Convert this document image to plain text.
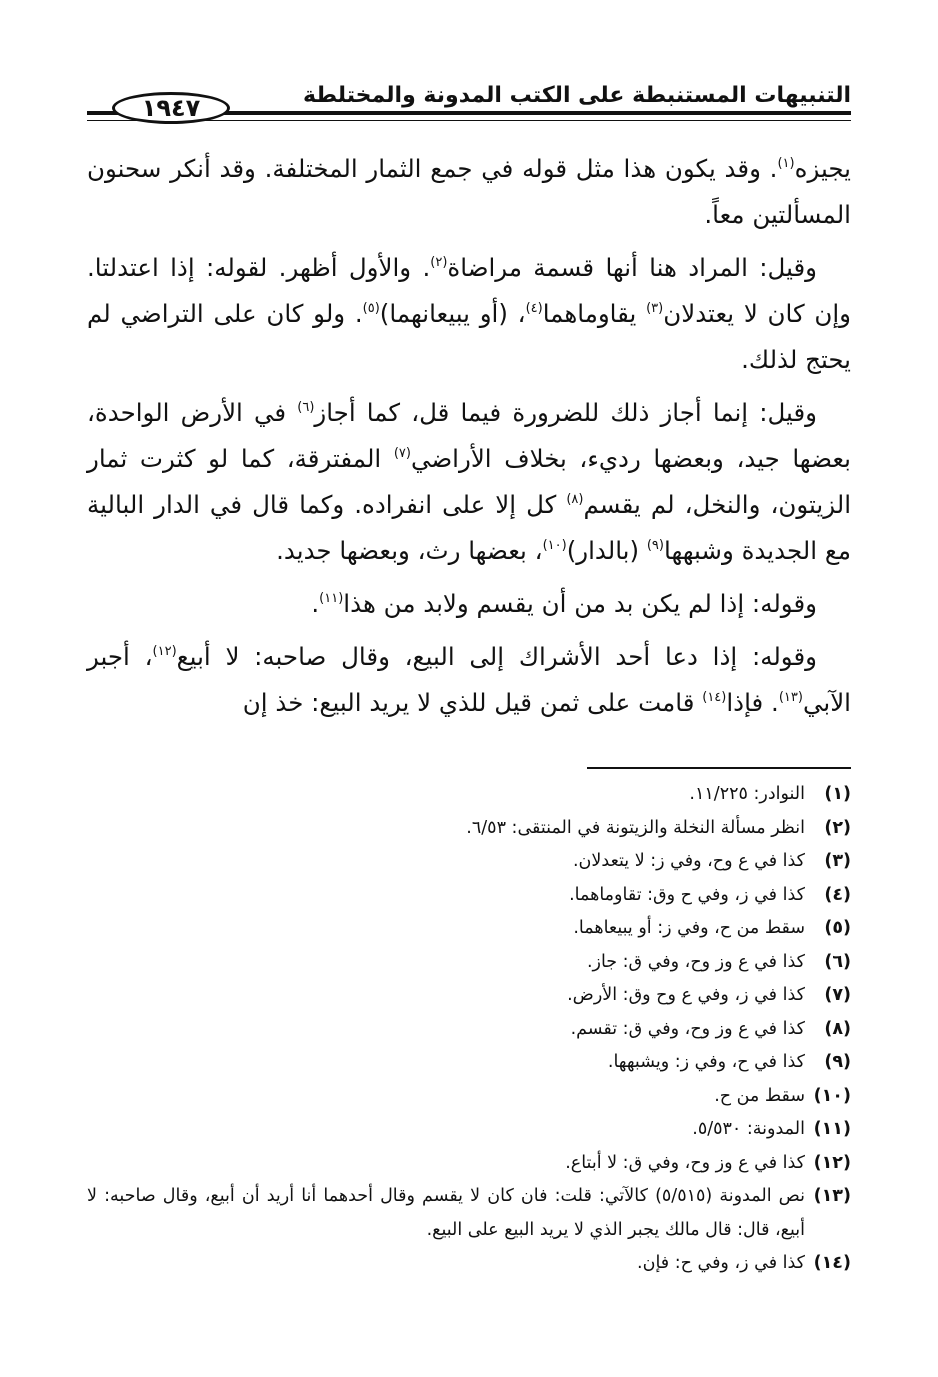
التنبيهات المستنبطة على الكتب المدونة والمختلطة
١٩٤٧

يجيزه$^{(١)}$. وقد يكون هذا مثل قوله في جمع الثمار المختلفة. وقد أنكر سحنون المسألتين معاً.

وقيل: المراد هنا أنها قسمة مراضاة$^{(٢)}$. والأول أظهر. لقوله: إذا اعتدلتا. وإن كان لا يعتدلان$^{(٣)}$ يقاوماهما$^{(٤)}$، (أو يبيعانهما)$^{(٥)}$. ولو كان على التراضي لم يحتج لذلك.

وقيل: إنما أجاز ذلك للضرورة فيما قل، كما أجاز$^{(٦)}$ في الأرض الواحدة، بعضها جيد، وبعضها رديء، بخلاف الأراضي$^{(٧)}$ المفترقة، كما لو كثرت ثمار الزيتون، والنخل، لم يقسم$^{(٨)}$ كل إلا على انفراده. وكما قال في الدار البالية مع الجديدة وشبهها$^{(٩)}$ (بالدار)$^{(١٠)}$، بعضها رث، وبعضها جديد.

وقوله: إذا لم يكن بد من أن يقسم ولابد من هذا$^{(١١)}$.

وقوله: إذا دعا أحد الأشراك إلى البيع، وقال صاحبه: لا أبيع$^{(١٢)}$، أجبر الآبي$^{(١٣)}$. فإذا$^{(١٤)}$ قامت على ثمن قيل للذي لا يريد البيع: خذ إن

(١)
النوادر: ١١/٢٢٥.
(٢)
انظر مسألة النخلة والزيتونة في المنتقى: ٦/٥٣.
(٣)
كذا في ع وح، وفي ز: لا يتعدلان.
(٤)
كذا في ز، وفي ح وق: تقاوماهما.
(٥)
سقط من ح، وفي ز: أو يبيعاهما.
(٦)
كذا في ع وز وح، وفي ق: جاز.
(٧)
كذا في ز، وفي ع وح وق: الأرض.
(٨)
كذا في ع وز وح، وفي ق: تقسم.
(٩)
كذا في ح، وفي ز: ويشبهها.
(١٠)
سقط من ح.
(١١)
المدونة: ٥/٥٣٠.
(١٢)
كذا في ع وز وح، وفي ق: لا أبتاع.
(١٣)
نص المدونة (٥/٥١٥) كالآتي: قلت: فان كان لا يقسم وقال أحدهما أنا أريد أن أبيع، وقال صاحبه: لا أبيع، قال: قال مالك يجبر الذي لا يريد البيع على البيع.
(١٤)
كذا في ز، وفي ح: فإن.
